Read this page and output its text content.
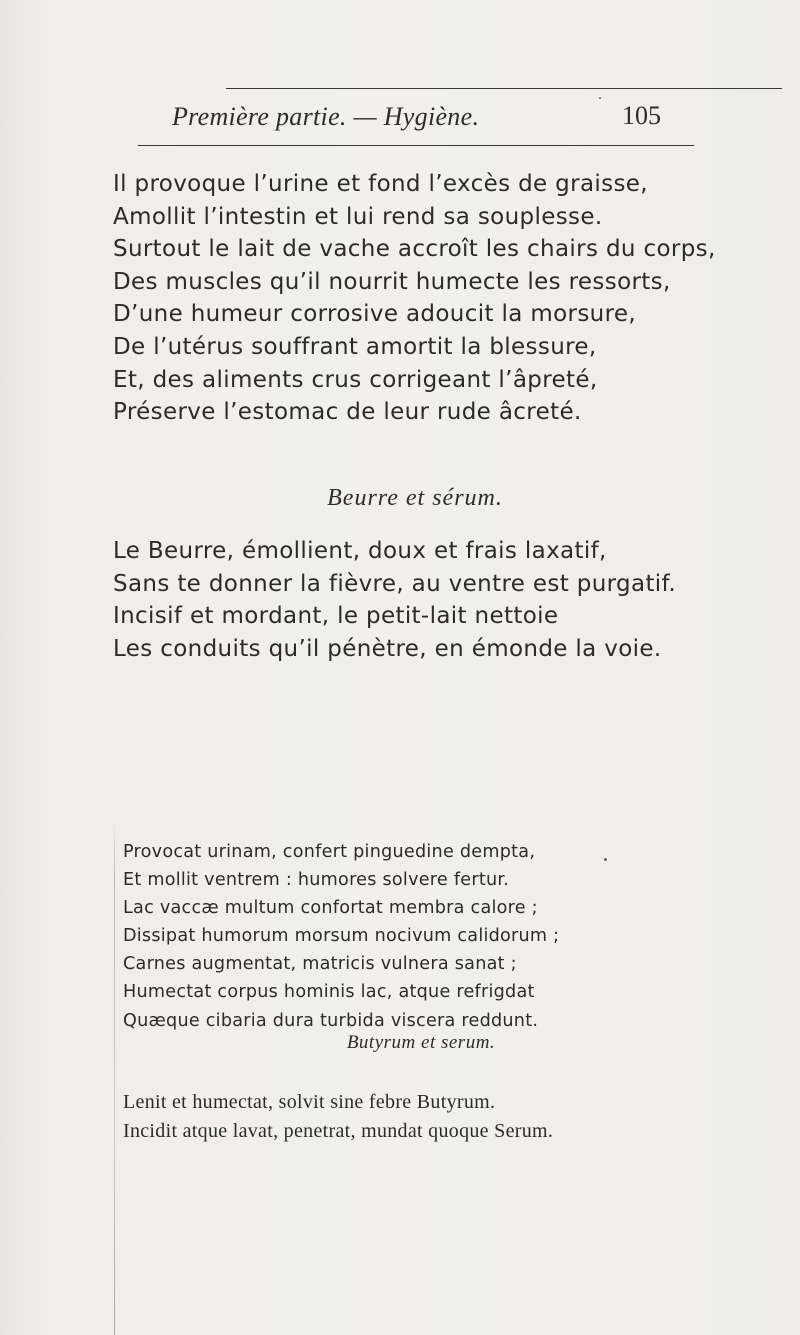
Première partie. — Hygiène.	105
Il provoque l’urine et fond l’excès de graisse,
Amollit l’intestin et lui rend sa souplesse.
Surtout le lait de vache accroît les chairs du corps,
Des muscles qu’il nourrit humecte les ressorts,
D’une humeur corrosive adoucit la morsure,
De l’utérus souffrant amortit la blessure,
Et, des aliments crus corrigeant l’âpreté,
Préserve l’estomac de leur rude âcreté.
Beurre et sérum.
Le Beurre, émollient, doux et frais laxatif,
Sans te donner la fièvre, au ventre est purgatif.
Incisif et mordant, le petit-lait nettoie
Les conduits qu’il pénètre, en émonde la voie.
Provocat urinam, confert pinguedine dempta,
Et mollit ventrem : humores solvere fertur.
Lac vaccæ multum confortat membra calore ;
Dissipat humorum morsum nocivum calidorum ;
Carnes augmentat, matricis vulnera sanat ;
Humectat corpus hominis lac, atque refrigdat
Quæque cibaria dura turbida viscera reddunt.
Butyrum et serum.
Lenit et humectat, solvit sine febre Butyrum.
Incidit atque lavat, penetrat, mundat quoque Serum.
